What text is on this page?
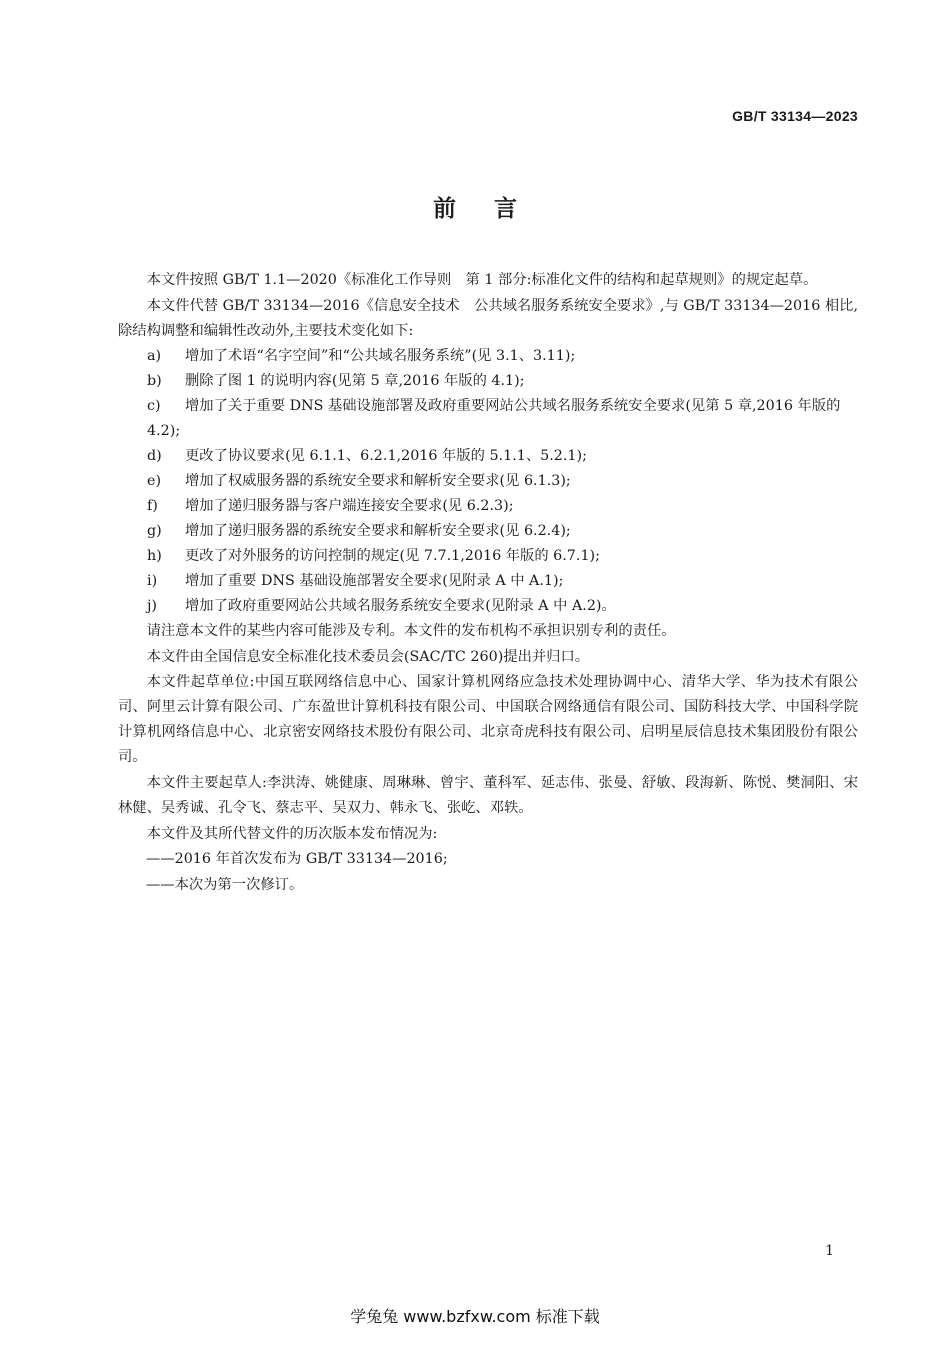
GB/T 33134—2023
前言

本文件按照 GB/T 1.1—2020《标准化工作导则　第 1 部分:标准化文件的结构和起草规则》的规定起草。

本文件代替 GB/T 33134—2016《信息安全技术　公共域名服务系统安全要求》,与 GB/T 33134—2016 相比,除结构调整和编辑性改动外,主要技术变化如下:

a)	增加了术语“名字空间”和“公共域名服务系统”(见 3.1、3.11);
b)	删除了图 1 的说明内容(见第 5 章,2016 年版的 4.1);
c) 增加了关于重要 DNS 基础设施部署及政府重要网站公共域名服务系统安全要求(见第 5 章,2016 年版的 4.2);
d)	更改了协议要求(见 6.1.1、6.2.1,2016 年版的 5.1.1、5.2.1);
e)	增加了权威服务器的系统安全要求和解析安全要求(见 6.1.3);
f)	增加了递归服务器与客户端连接安全要求(见 6.2.3);
g)	增加了递归服务器的系统安全要求和解析安全要求(见 6.2.4);
h)	更改了对外服务的访问控制的规定(见 7.7.1,2016 年版的 6.7.1);
i)	增加了重要 DNS 基础设施部署安全要求(见附录 A 中 A.1);
j)	增加了政府重要网站公共域名服务系统安全要求(见附录 A 中 A.2)。

请注意本文件的某些内容可能涉及专利。本文件的发布机构不承担识别专利的责任。

本文件由全国信息安全标准化技术委员会(SAC/TC 260)提出并归口。

本文件起草单位:中国互联网络信息中心、国家计算机网络应急技术处理协调中心、清华大学、华为技术有限公司、阿里云计算有限公司、广东盈世计算机科技有限公司、中国联合网络通信有限公司、国防科技大学、中国科学院计算机网络信息中心、北京密安网络技术股份有限公司、北京奇虎科技有限公司、启明星辰信息技术集团股份有限公司。

本文件主要起草人:李洪涛、姚健康、周琳琳、曾宇、董科军、延志伟、张曼、舒敏、段海新、陈悦、樊洞阳、宋林健、吴秀诚、孔令飞、蔡志平、吴双力、韩永飞、张屹、邓轶。

本文件及其所代替文件的历次版本发布情况为:

——2016 年首次发布为 GB/T 33134—2016;

——本次为第一次修订。

1
学兔兔 www.bzfxw.com 标准下载
